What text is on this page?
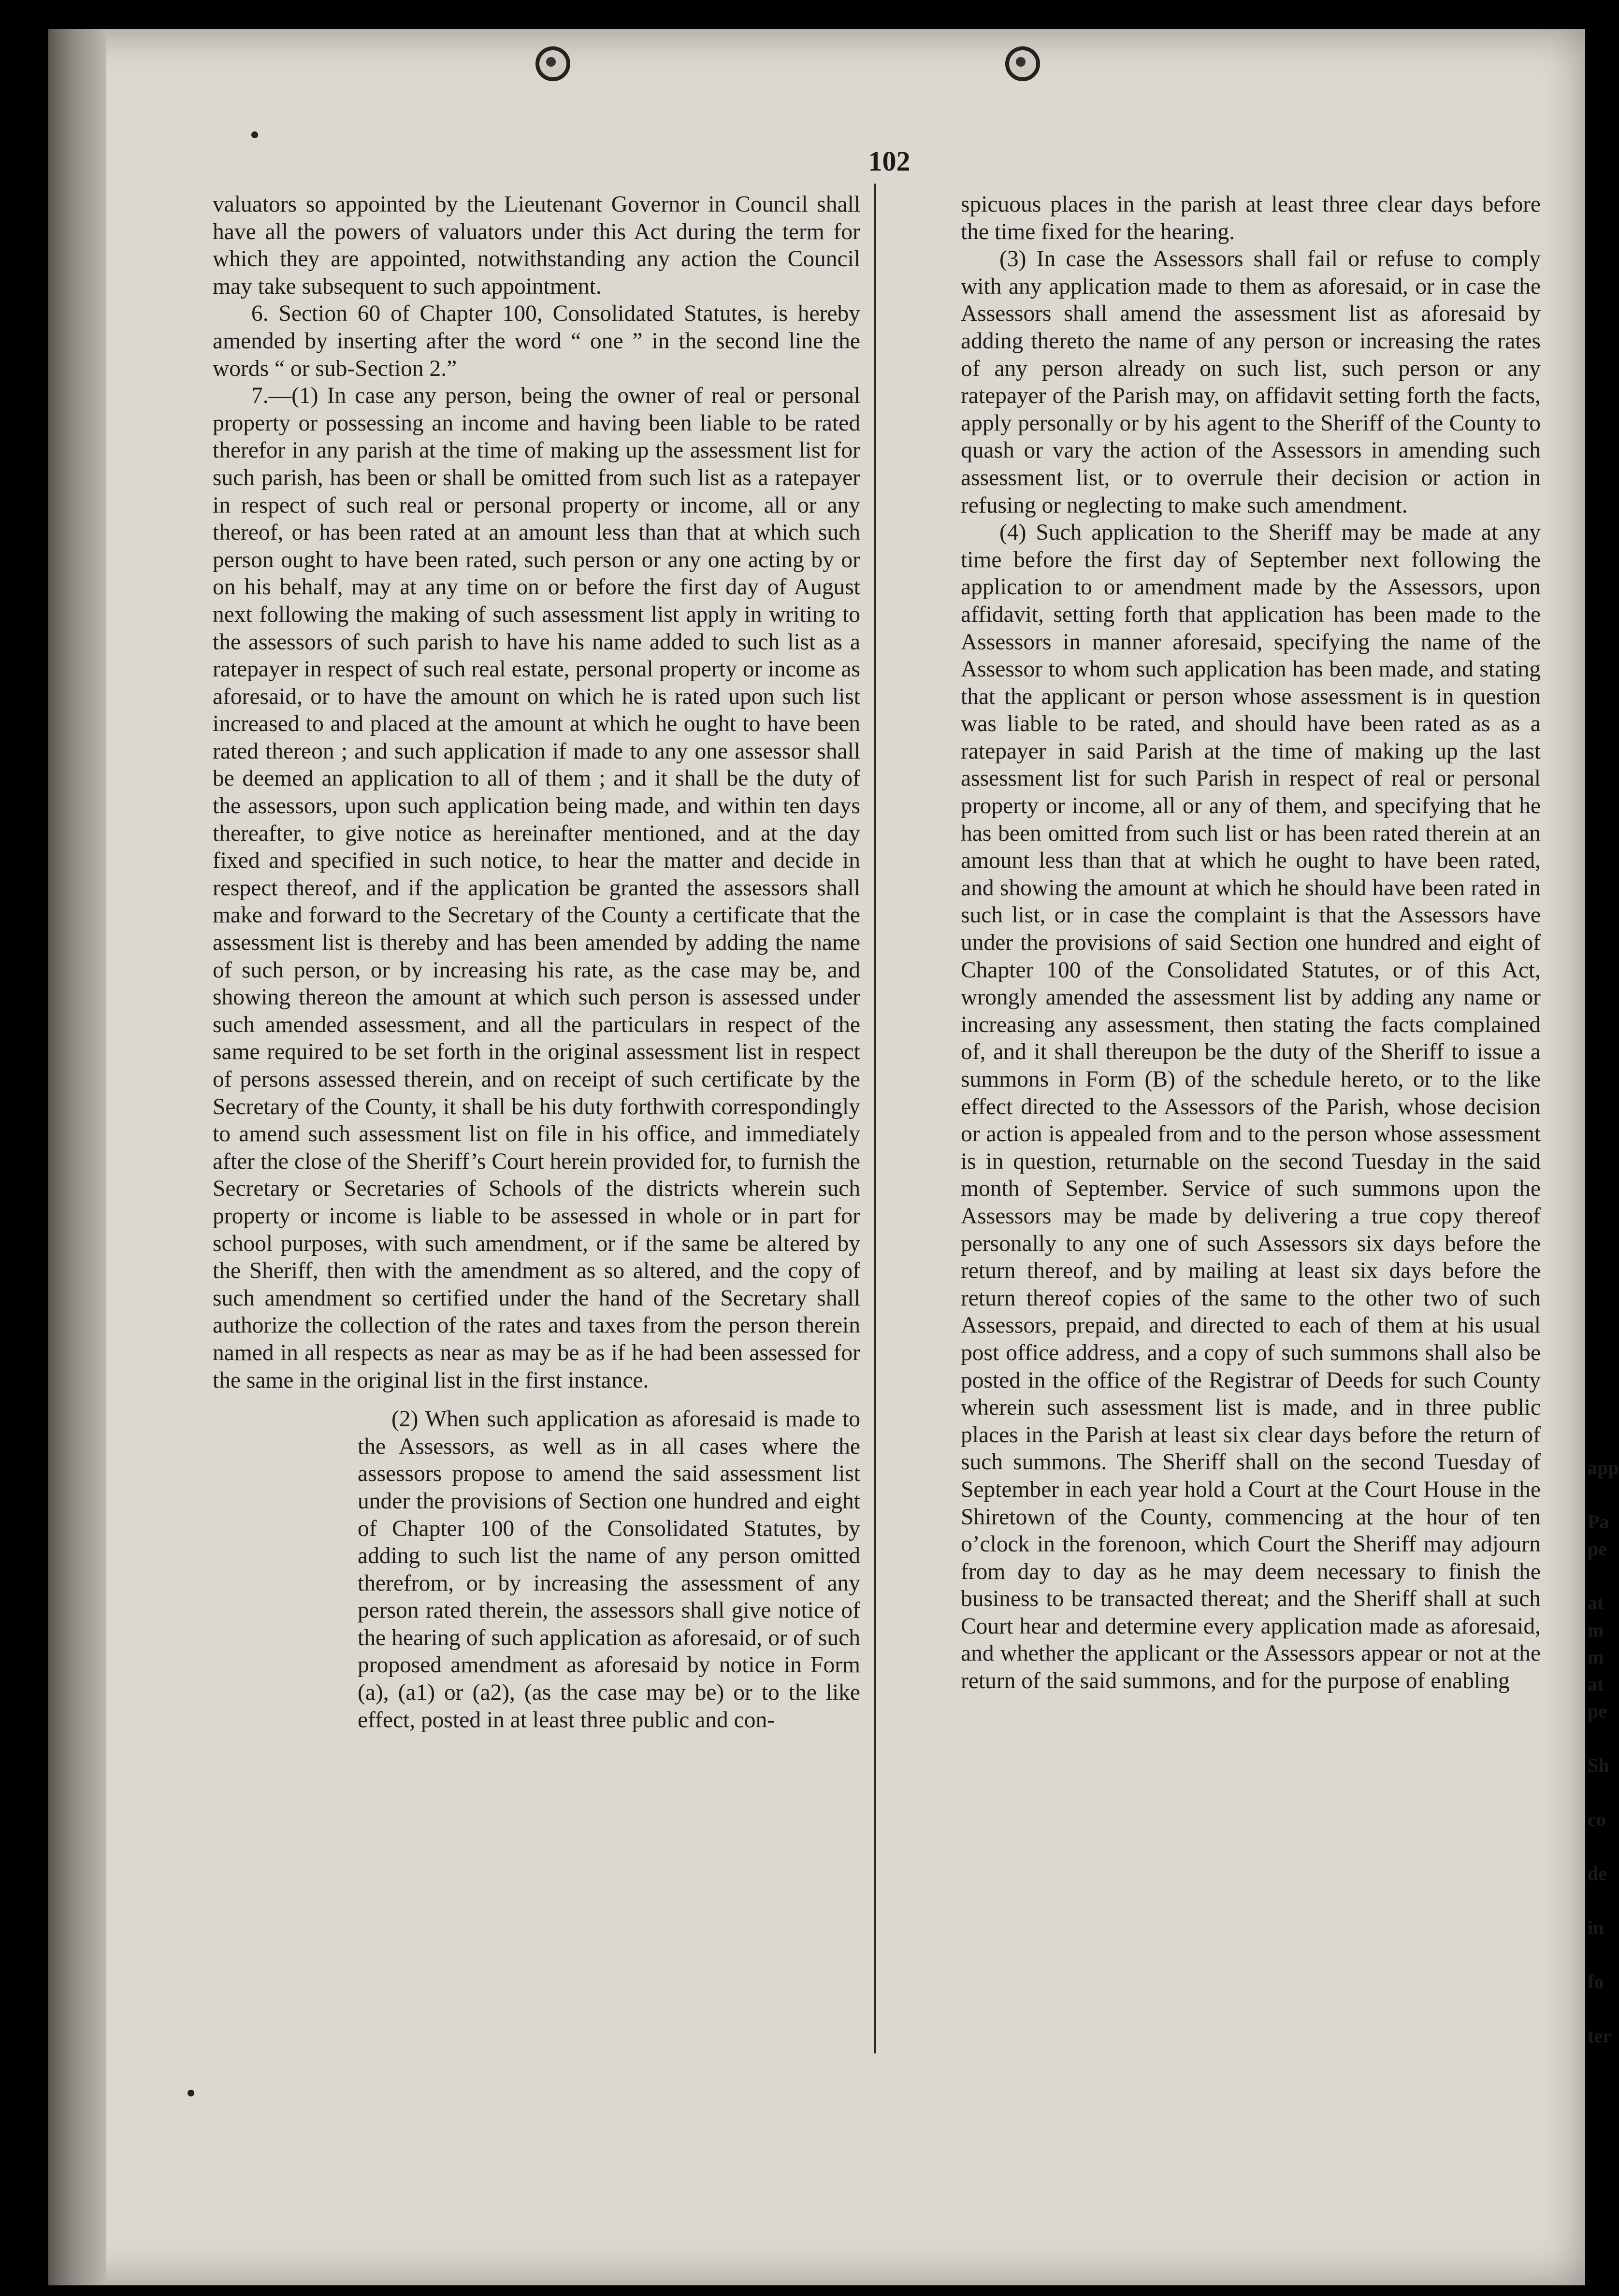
102

valuators so appointed by the Lieutenant Governor in Council shall have all the powers of valuators under this Act during the term for which they are appointed, notwithstanding any action the Council may take subsequent to such appointment.

6. Section 60 of Chapter 100, Consolidated Statutes, is hereby amended by inserting after the word “ one ” in the second line the words “ or sub-Section 2.”

7.—(1) In case any person, being the owner of real or personal property or possessing an income and having been liable to be rated therefor in any parish at the time of making up the assessment list for such parish, has been or shall be omitted from such list as a ratepayer in respect of such real or personal property or income, all or any thereof, or has been rated at an amount less than that at which such person ought to have been rated, such person or any one acting by or on his behalf, may at any time on or before the first day of August next following the making of such assessment list apply in writing to the assessors of such parish to have his name added to such list as a ratepayer in respect of such real estate, personal property or income as aforesaid, or to have the amount on which he is rated upon such list increased to and placed at the amount at which he ought to have been rated thereon ; and such application if made to any one assessor shall be deemed an application to all of them ; and it shall be the duty of the assessors, upon such application being made, and within ten days thereafter, to give notice as hereinafter mentioned, and at the day fixed and specified in such notice, to hear the matter and decide in respect thereof, and if the application be granted the assessors shall make and forward to the Secretary of the County a certificate that the assessment list is thereby and has been amended by adding the name of such person, or by increasing his rate, as the case may be, and showing thereon the amount at which such person is assessed under such amended assessment, and all the particulars in respect of the same required to be set forth in the original assessment list in respect of persons assessed therein, and on receipt of such certificate by the Secretary of the County, it shall be his duty forthwith correspondingly to amend such assessment list on file in his office, and immediately after the close of the Sheriff’s Court herein provided for, to furnish the Secretary or Secretaries of Schools of the districts wherein such property or income is liable to be assessed in whole or in part for school purposes, with such amendment, or if the same be altered by the Sheriff, then with the amendment as so altered, and the copy of such amendment so certified under the hand of the Secretary shall authorize the collection of the rates and taxes from the person therein named in all respects as near as may be as if he had been assessed for the same in the original list in the first instance.

(2) When such application as aforesaid is made to the Assessors, as well as in all cases where the assessors propose to amend the said assessment list under the provisions of Section one hundred and eight of Chapter 100 of the Consolidated Statutes, by adding to such list the name of any person omitted therefrom, or by increasing the assessment of any person rated therein, the assessors shall give notice of the hearing of such application as aforesaid, or of such proposed amendment as aforesaid by notice in Form (a), (a1) or (a2), (as the case may be) or to the like effect, posted in at least three public and con-

spicuous places in the parish at least three clear days before the time fixed for the hearing.

(3) In case the Assessors shall fail or refuse to comply with any application made to them as aforesaid, or in case the Assessors shall amend the assessment list as aforesaid by adding thereto the name of any person or increasing the rates of any person already on such list, such person or any ratepayer of the Parish may, on affidavit setting forth the facts, apply personally or by his agent to the Sheriff of the County to quash or vary the action of the Assessors in amending such assessment list, or to overrule their decision or action in refusing or neglecting to make such amendment.

(4) Such application to the Sheriff may be made at any time before the first day of September next following the application to or amendment made by the Assessors, upon affidavit, setting forth that application has been made to the Assessors in manner aforesaid, specifying the name of the Assessor to whom such application has been made, and stating that the applicant or person whose assessment is in question was liable to be rated, and should have been rated as as a ratepayer in said Parish at the time of making up the last assessment list for such Parish in respect of real or personal property or income, all or any of them, and specifying that he has been omitted from such list or has been rated therein at an amount less than that at which he ought to have been rated, and showing the amount at which he should have been rated in such list, or in case the complaint is that the Assessors have under the provisions of said Section one hundred and eight of Chapter 100 of the Consolidated Statutes, or of this Act, wrongly amended the assessment list by adding any name or increasing any assessment, then stating the facts complained of, and it shall thereupon be the duty of the Sheriff to issue a summons in Form (B) of the schedule hereto, or to the like effect directed to the Assessors of the Parish, whose decision or action is appealed from and to the person whose assessment is in question, returnable on the second Tuesday in the said month of September. Service of such summons upon the Assessors may be made by delivering a true copy thereof personally to any one of such Assessors six days before the return thereof, and by mailing at least six days before the return thereof copies of the same to the other two of such Assessors, prepaid, and directed to each of them at his usual post office address, and a copy of such summons shall also be posted in the office of the Registrar of Deeds for such County wherein such assessment list is made, and in three public places in the Parish at least six clear days before the return of such summons. The Sheriff shall on the second Tuesday of September in each year hold a Court at the Court House in the Shiretown of the County, commencing at the hour of ten o’clock in the forenoon, which Court the Sheriff may adjourn from day to day as he may deem necessary to finish the business to be transacted thereat; and the Sheriff shall at such Court hear and determine every application made as aforesaid, and whether the applicant or the Assessors appear or not at the return of the said summons, and for the purpose of enabling

app
Pa
pe
at
m
m
at
pe
Sh
co
de
in
fo
ter
